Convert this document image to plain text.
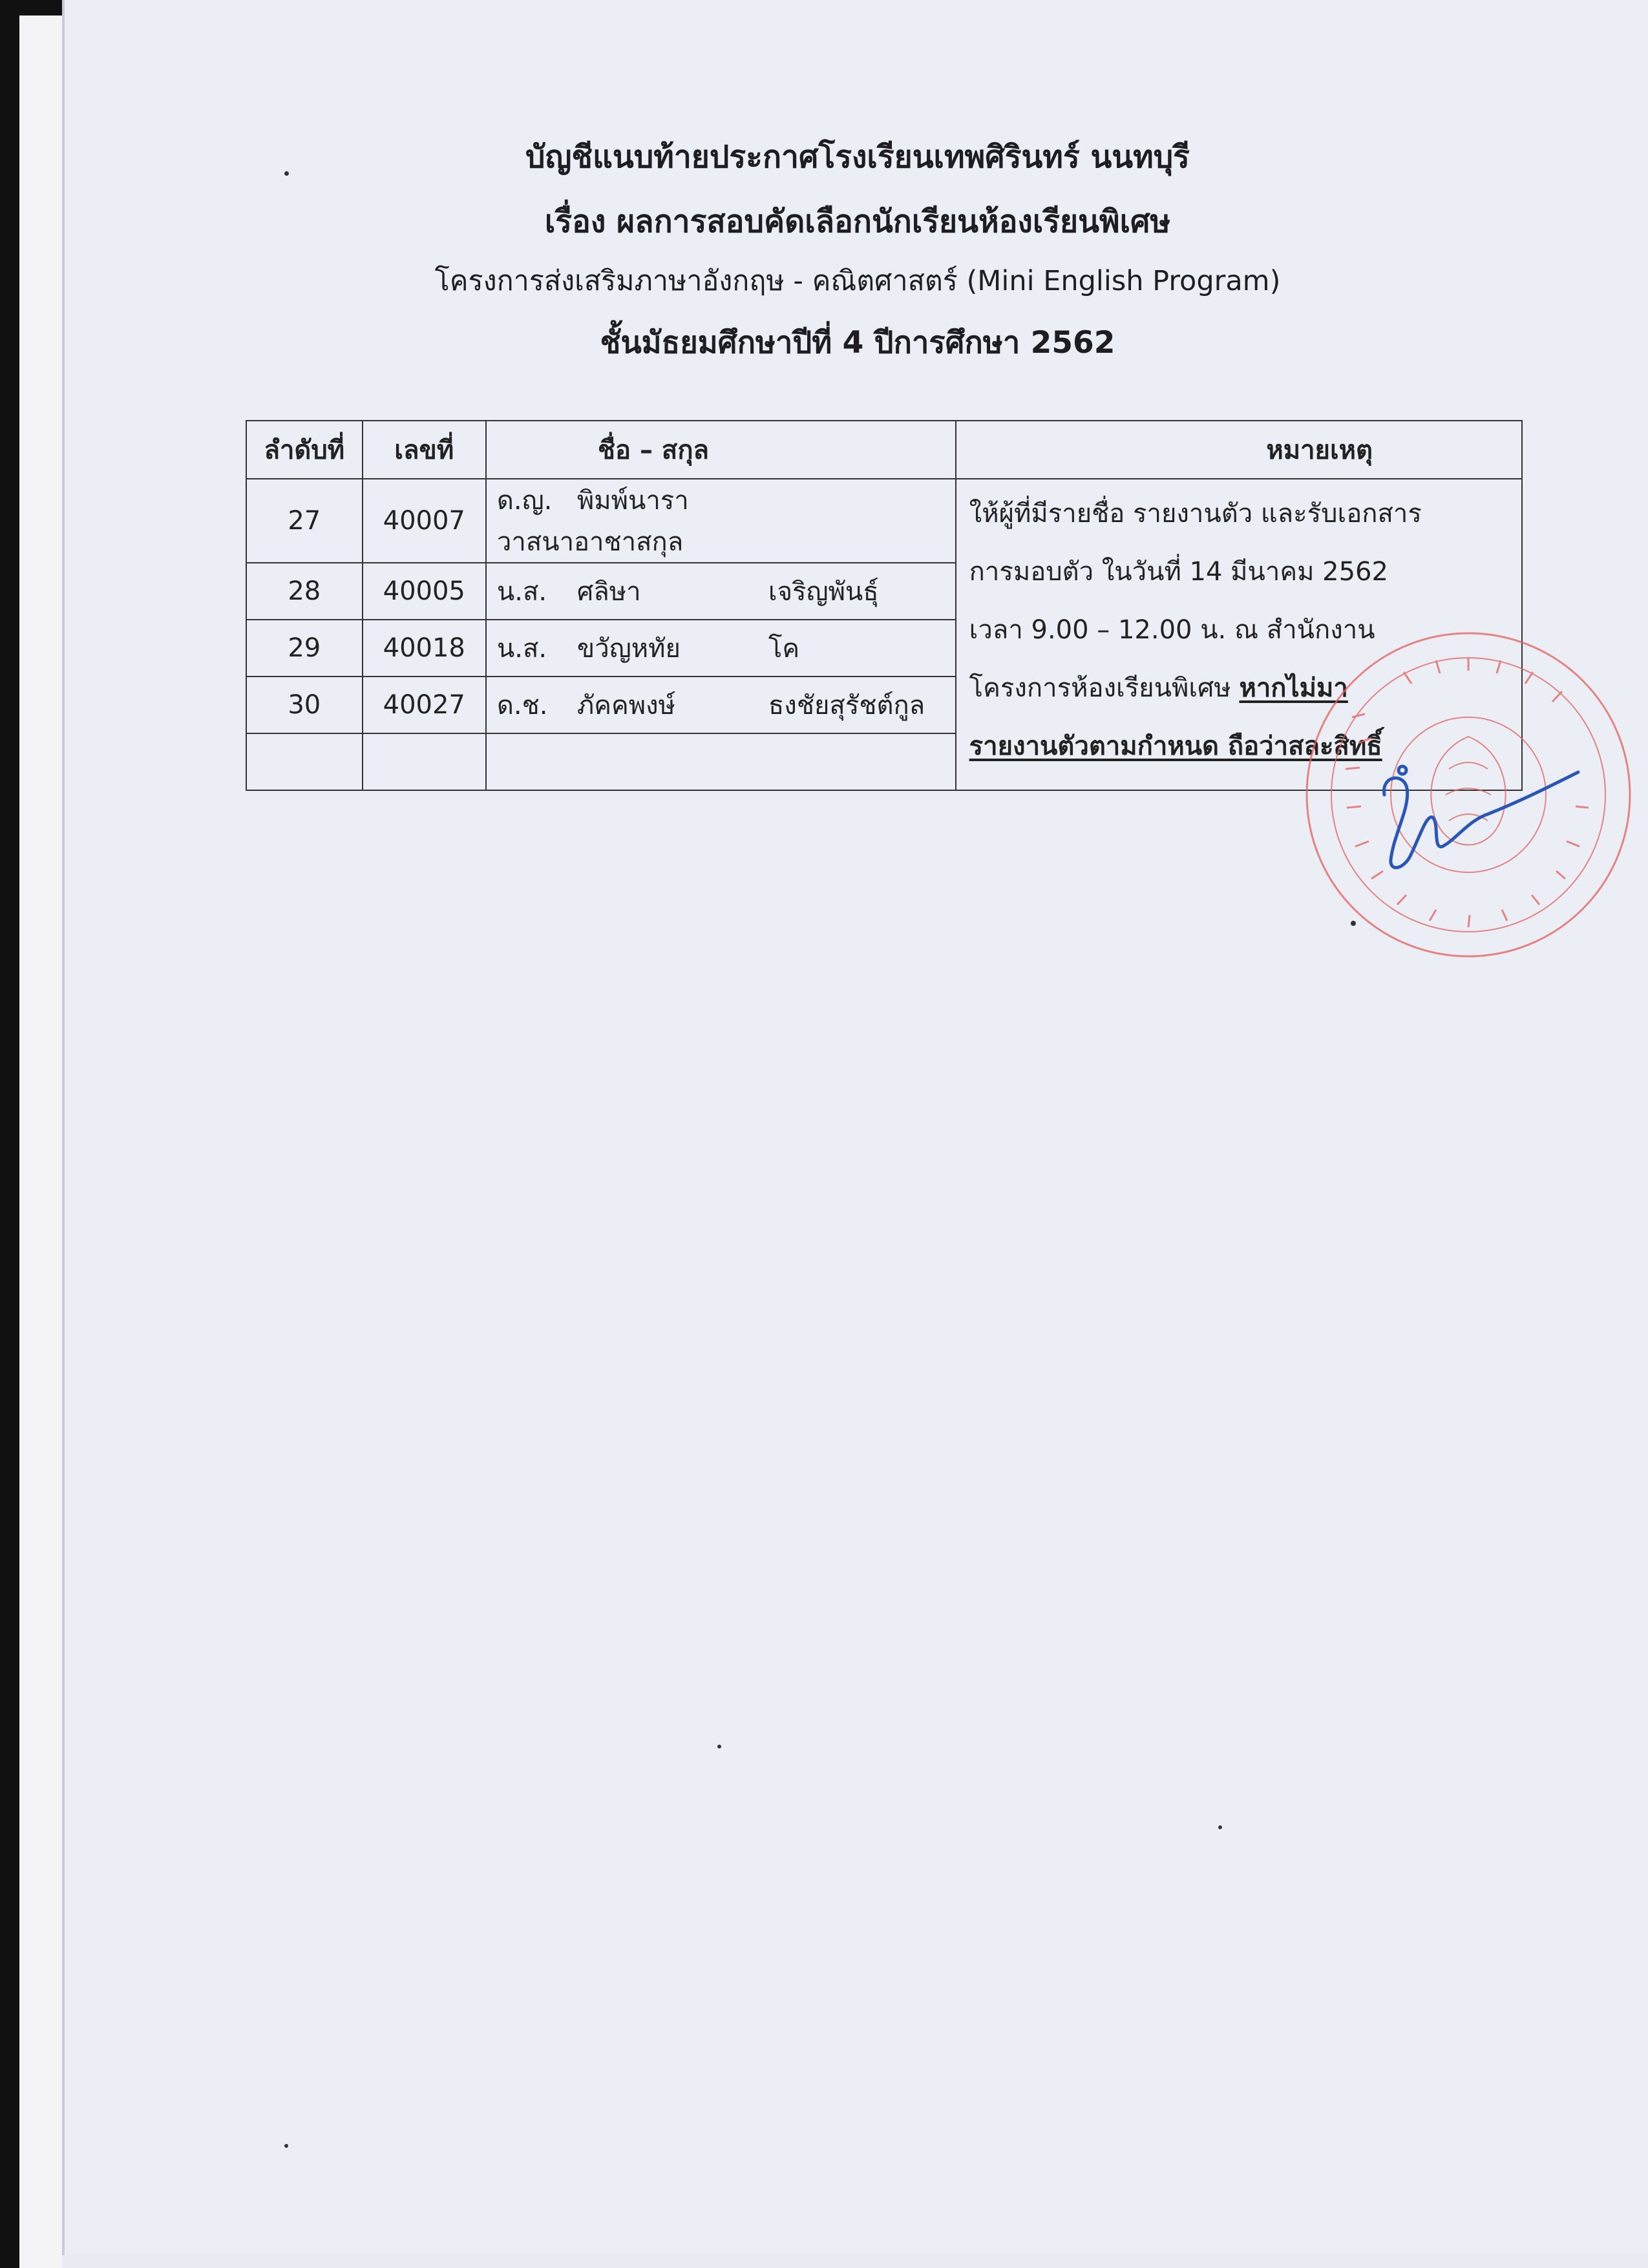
บัญชีแนบท้ายประกาศโรงเรียนเทพศิรินทร์ นนทบุรี
เรื่อง ผลการสอบคัดเลือกนักเรียนห้องเรียนพิเศษ
โครงการส่งเสริมภาษาอังกฤษ - คณิตศาสตร์ (Mini English Program)
ชั้นมัธยมศึกษาปีที่ 4 ปีการศึกษา 2562
ลำดับที่	เลขที่	ชื่อ – สกุล	หมายเหตุ
27	40007	ด.ญ. พิมพ์นาราวาสนาอาชาสกุล	ให้ผู้ที่มีรายชื่อ รายงานตัว และรับเอกสาร
การมอบตัว ในวันที่ 14 มีนาคม 2562
เวลา 9.00 – 12.00 น. ณ สำนักงาน
โครงการห้องเรียนพิเศษ หากไม่มา
รายงานตัวตามกำหนด ถือว่าสละสิทธิ์

28	40005	น.ส. ศลิษา เจริญพันธุ์	
29	40018	น.ส. ขวัญหทัย โค	
30	40027	ด.ช. ภัคคพงษ์ ธงชัยสุรัชต์กูล	
